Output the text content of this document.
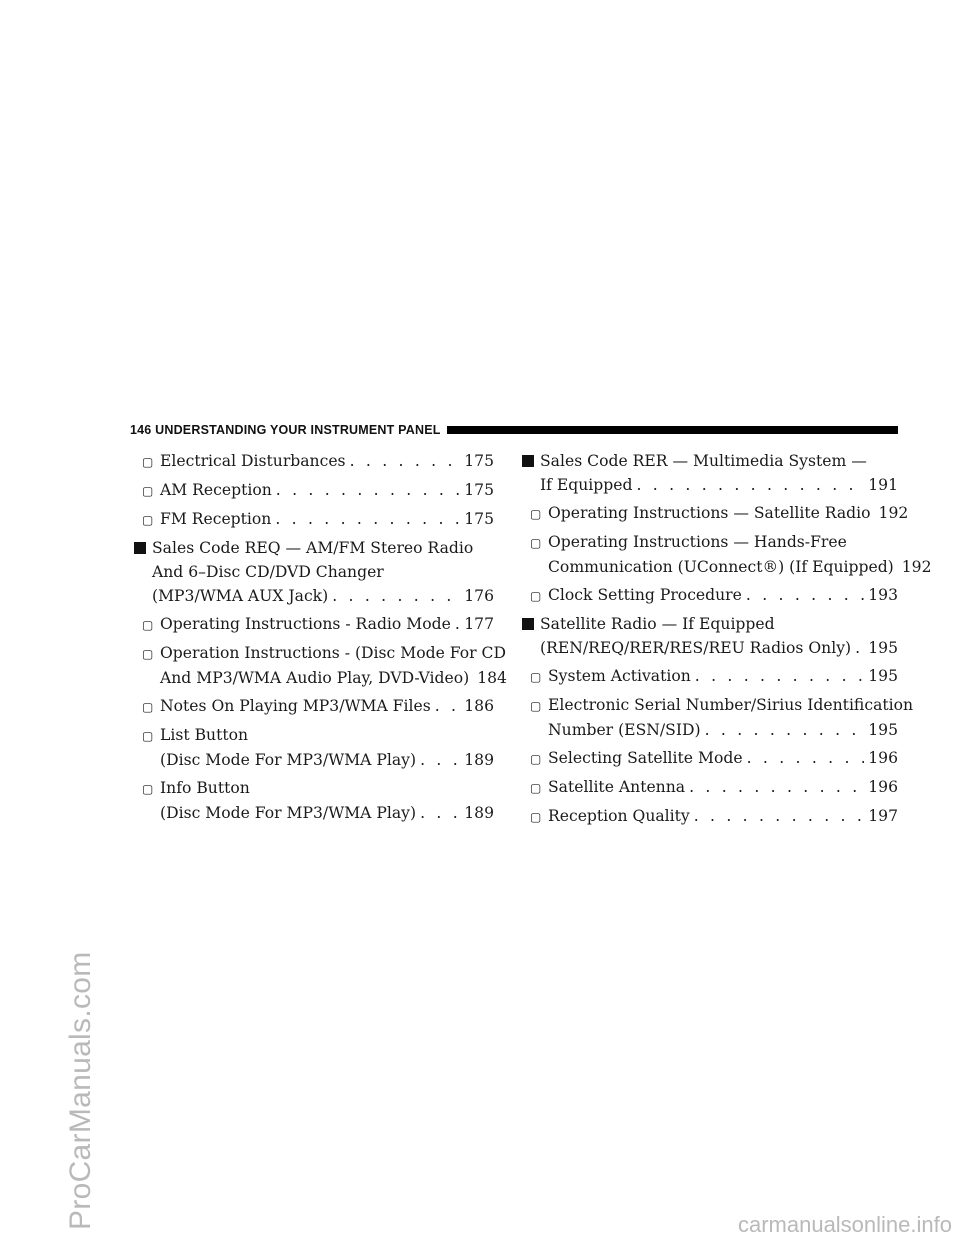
146 UNDERSTANDING YOUR INSTRUMENT PANEL
▢ Electrical Disturbances . . .	175
▢ AM Reception . . .	175
▢ FM Reception . . .	175
Sales Code REQ — AM/FM Stereo Radio
And 6–Disc CD/DVD Changer
(MP3/WMA AUX Jack) . . .	176
▢ Operating Instructions - Radio Mode . . . 177
▢ Operation Instructions - (Disc Mode For CD
And MP3/WMA Audio Play, DVD-Video) 184
▢ Notes On Playing MP3/WMA Files . . . 186
▢ List Button
(Disc Mode For MP3/WMA Play) . . .	189
▢ Info Button
(Disc Mode For MP3/WMA Play) . . .	189
Sales Code RER — Multimedia System —
If Equipped . . .	191
▢ Operating Instructions — Satellite Radio 192
▢ Operating Instructions — Hands-Free
Communication (UConnect®) (If Equipped) 192
▢ Clock Setting Procedure . . .	193
Satellite Radio — If Equipped
(REN/REQ/RER/RES/REU Radios Only) . . . 195
▢ System Activation . . .	195
▢ Electronic Serial Number/Sirius Identification
Number (ESN/SID) . . .	195
▢ Selecting Satellite Mode . . .	196
▢ Satellite Antenna . . .	196
▢ Reception Quality . . .	197
ProCarManuals.com	carmanualsonline.info
